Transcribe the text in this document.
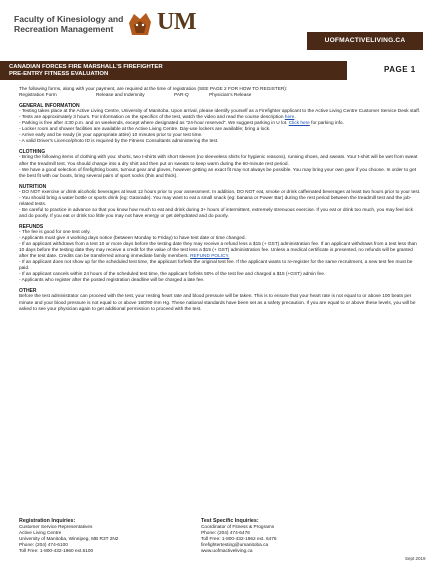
Faculty of Kinesiology and
Recreation Management	UM
UOFMACTIVELIVING.CA
CANADIAN FORCES FIRE MARSHALL'S FIREFIGHTER
PRE-ENTRY FITNESS EVALUATION	PAGE 1

The following forms, along with your payment, are required at the time of registration (SEE PAGE 2 FOR HOW TO REGISTER):

Registration Form	Release and Indemnity	PAR-Q	Physician's Release
GENERAL INFORMATION

- Testing takes place at the Active Living Centre, University of Manitoba. Upon arrival, please identify yourself as a Firefighter applicant to the Active Living Centre Customer Service Desk staff.

- Tests are approximately 3 hours. For information on the specifics of the test, watch the video and read the course description here.

- Parking is free after 4:30 p.m. and on weekends, except where designated as "24-hour reserved". We suggest parking in U lot. Click here for parking info.

- Locker room and shower facilities are available at the Active Living Centre. Day-use lockers are available; bring a lock.

- Arrive early and be ready (in your appropriate attire) 10 minutes prior to your test time.

- A valid Driver's Licence/photo ID is required by the Fitness Consultants administering the test.

CLOTHING

- Bring the following items of clothing with you: shorts, two t-shirts with short sleeves (no sleeveless shirts for hygienic reasons), running shoes, and sweats. Your t-shirt will be wet from sweat after the treadmill test. You should change into a dry shirt and then put on sweats to keep warm during the 60-minute rest period.

- We have a good selection of firefighting boots, turnout gear and gloves, however getting an exact fit may not always be possible. You may bring your own gear if you choose. In order to get the best fit with our boots, bring several pairs of sport socks (thin and thick).

NUTRITION

- DO NOT exercise or drink alcoholic beverages at least 12 hours prior to your assessment. In addition, DO NOT eat, smoke or drink caffeinated beverages at least two hours prior to your test.

- You should bring a water bottle or sports drink (eg: Gatorade). You may want to eat a small snack (eg: banana or Power Bar) during the rest period between the treadmill test and the job-related tests.

- Be careful to practice in advance so that you know how much to eat and drink during 3+ hours of intermittent, extremely strenuous exercise. If you eat or drink too much, you may feel sick and do poorly. If you eat or drink too little you may not have energy or get dehydrated and do poorly.

REFUNDS

- The fee is good for one test only.

- Applicants must give 4 working days notice (between Monday to Friday) to have test date or time changed.

- If an applicant withdraws from a test 10 or more days before the testing date they may receive a refund less a $15 (+ GST) administration fee. If an applicant withdraws from a test less than 10 days before the testing date they may receive a credit for the value of the test less a $15 (+ GST) administration fee. Unless a medical certificate is presented, no refunds will be granted after the test date. Credits can be transferred among immediate family members. REFUND POLICY.

- If an applicant does not show up for the scheduled test time, the applicant forfeits the original test fee. If the applicant wants to re-register for the same recruitment, a new test fee must be paid.

- If an applicant cancels within 24 hours of the scheduled test time, the applicant forfeits 50% of the test fee and charged a $15 (+GST) admin fee.

- Applicants who register after the posted registration deadline will be charged a late fee.

OTHER

Before the test administrator can proceed with the test, your resting heart rate and blood pressure will be taken. This is to ensure that your heart rate is not equal to or above 100 beats per minute and your blood pressure is not equal to or above 160/90 mm Hg. These national standards have been set as a safety precaution. If you are equal to or above these levels, you will be asked to see your physician again to get additional permission to proceed with the test.

Registration Inquiries:
Customer Service Representatives
Active Living Centre
University of Manitoba, Winnipeg, MB R3T 2N2
Phone: (204) 474-6100
Toll Free: 1-800-432-1960 ext.6100
Test Specific Inquiries:
Coordinator of Fitness & Programs
Phone: (204) 474-6476
Toll Free: 1-800-432-1962 ext. 6476
firefightertesting@umanitoba.ca
www.uofmactiveliving.ca
Sept 2019
